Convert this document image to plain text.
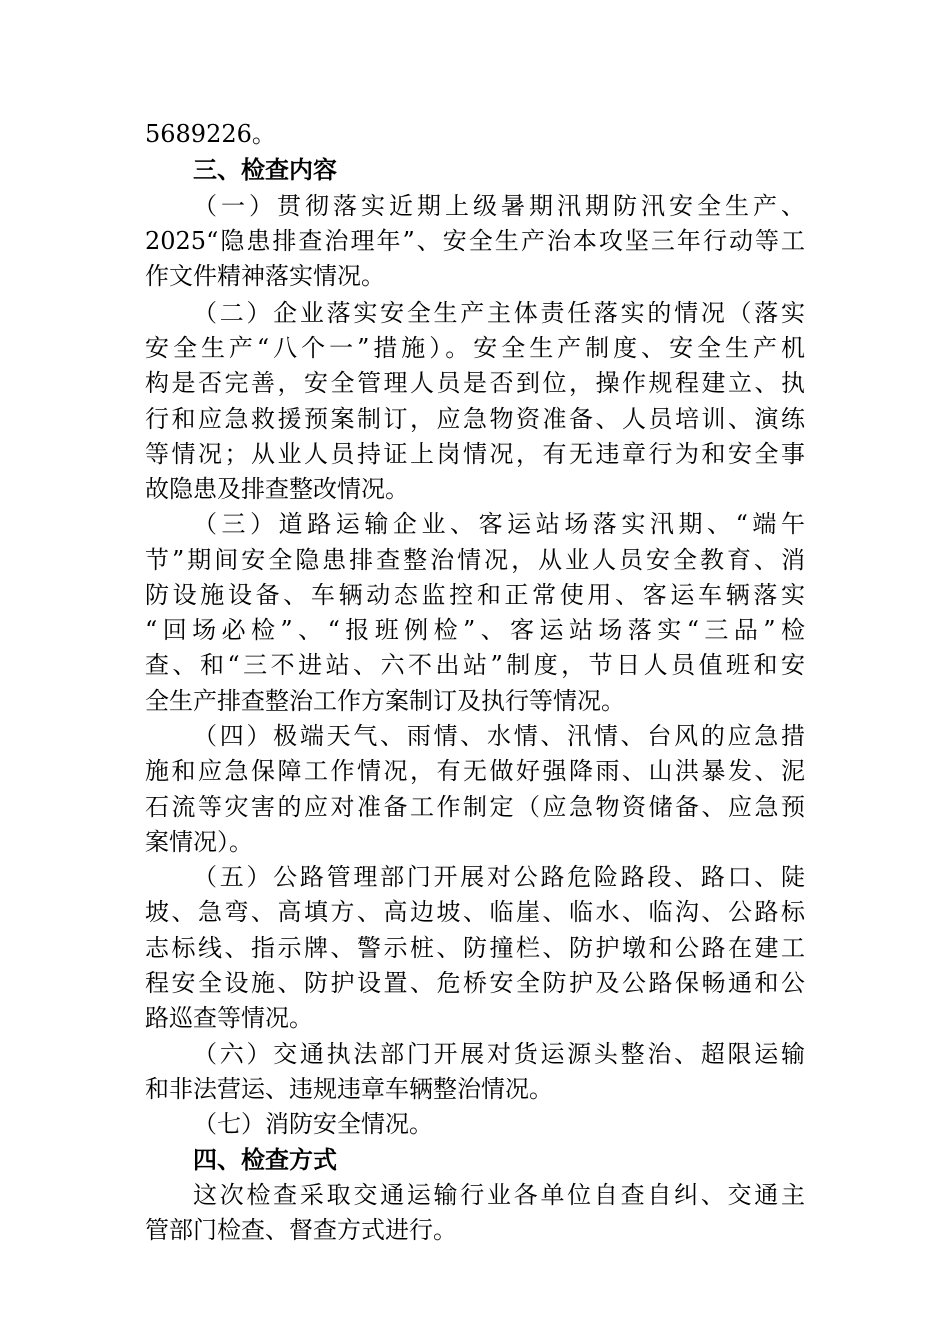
5689226。
三、检查内容
（一）贯彻落实近期上级暑期汛期防汛安全生产、
2025“隐患排查治理年”、安全生产治本攻坚三年行动等工
作文件精神落实情况。
（二）企业落实安全生产主体责任落实的情况（落实
安全生产“八个一”措施）。安全生产制度、安全生产机
构是否完善，安全管理人员是否到位，操作规程建立、执
行和应急救援预案制订，应急物资准备、人员培训、演练
等情况；从业人员持证上岗情况，有无违章行为和安全事
故隐患及排查整改情况。
（三）道路运输企业、客运站场落实汛期、“端午
节”期间安全隐患排查整治情况，从业人员安全教育、消
防设施设备、车辆动态监控和正常使用、客运车辆落实
“回场必检”、“报班例检”、客运站场落实“三品”检
查、和“三不进站、六不出站”制度，节日人员值班和安
全生产排查整治工作方案制订及执行等情况。
（四）极端天气、雨情、水情、汛情、台风的应急措
施和应急保障工作情况，有无做好强降雨、山洪暴发、泥
石流等灾害的应对准备工作制定（应急物资储备、应急预
案情况）。
（五）公路管理部门开展对公路危险路段、路口、陡
坡、急弯、高填方、高边坡、临崖、临水、临沟、公路标
志标线、指示牌、警示桩、防撞栏、防护墩和公路在建工
程安全设施、防护设置、危桥安全防护及公路保畅通和公
路巡查等情况。
（六）交通执法部门开展对货运源头整治、超限运输
和非法营运、违规违章车辆整治情况。
（七）消防安全情况。
四、检查方式
这次检查采取交通运输行业各单位自查自纠、交通主
管部门检查、督查方式进行。
